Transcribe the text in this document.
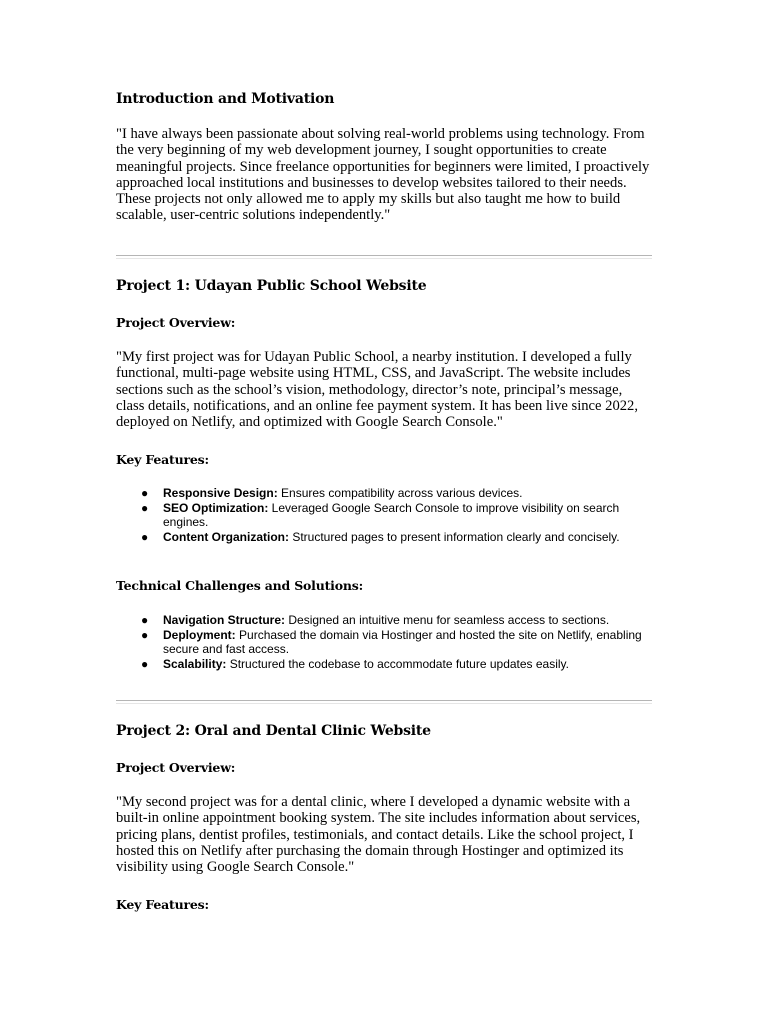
Introduction and Motivation

"I have always been passionate about solving real-world problems using technology. From the very beginning of my web development journey, I sought opportunities to create meaningful projects. Since freelance opportunities for beginners were limited, I proactively approached local institutions and businesses to develop websites tailored to their needs. These projects not only allowed me to apply my skills but also taught me how to build scalable, user-centric solutions independently."

Project 1: Udayan Public School Website
Project Overview:

"My first project was for Udayan Public School, a nearby institution. I developed a fully functional, multi-page website using HTML, CSS, and JavaScript. The website includes sections such as the school’s vision, methodology, director’s note, principal’s message, class details, notifications, and an online fee payment system. It has been live since 2022, deployed on Netlify, and optimized with Google Search Console."

Key Features:
● Responsive Design: Ensures compatibility across various devices.
● SEO Optimization: Leveraged Google Search Console to improve visibility on search engines.
● Content Organization: Structured pages to present information clearly and concisely.
Technical Challenges and Solutions:
● Navigation Structure: Designed an intuitive menu for seamless access to sections.
● Deployment: Purchased the domain via Hostinger and hosted the site on Netlify, enabling secure and fast access.
● Scalability: Structured the codebase to accommodate future updates easily.
Project 2: Oral and Dental Clinic Website
Project Overview:

"My second project was for a dental clinic, where I developed a dynamic website with a built-in online appointment booking system. The site includes information about services, pricing plans, dentist profiles, testimonials, and contact details. Like the school project, I hosted this on Netlify after purchasing the domain through Hostinger and optimized its visibility using Google Search Console."

Key Features:
